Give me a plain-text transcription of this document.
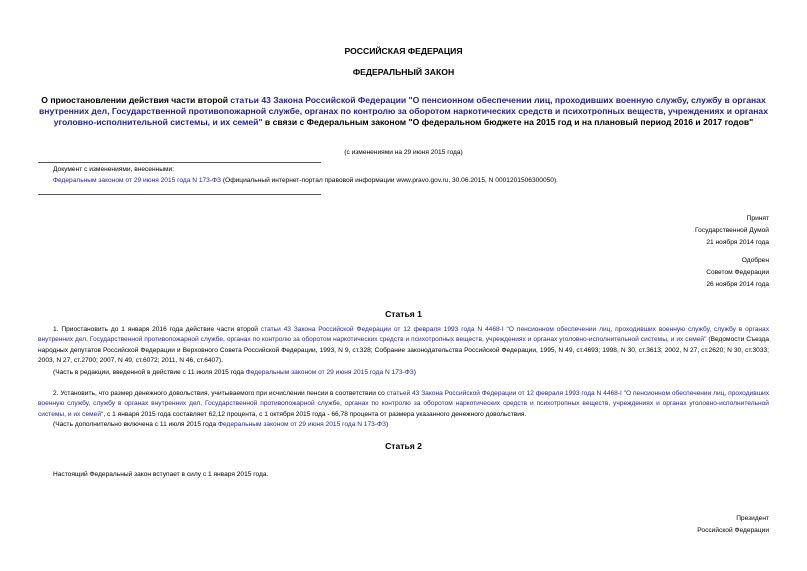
РОССИЙСКАЯ ФЕДЕРАЦИЯ
ФЕДЕРАЛЬНЫЙ ЗАКОН
О приостановлении действия части второй статьи 43 Закона Российской Федерации "О пенсионном обеспечении лиц, проходивших военную службу, службу в органах внутренних дел, Государственной противопожарной службе, органах по контролю за оборотом наркотических средств и психотропных веществ, учреждениях и органах уголовно-исполнительной системы, и их семей" в связи с Федеральным законом "О федеральном бюджете на 2015 год и на плановый период 2016 и 2017 годов"
(с изменениями на 29 июня 2015 года)
Документ с изменениями, внесенными:
Федеральным законом от 29 июня 2015 года N 173-ФЗ (Официальный интернет-портал правовой информации www.pravo.gov.ru, 30.06.2015, N 0001201506300050).
Принят
Государственной Думой
21 ноября 2014 года
Одобрен
Советом Федерации
26 ноября 2014 года
Статья 1
1. Приостановить до 1 января 2016 года действие части второй статьи 43 Закона Российской Федерации от 12 февраля 1993 года N 4468-I "О пенсионном обеспечении лиц, проходивших военную службу, службу в органах внутренних дел, Государственной противопожарной службе, органах по контролю за оборотом наркотических средств и психотропных веществ, учреждениях и органах уголовно-исполнительной системы, и их семей" (Ведомости Съезда народных депутатов Российской Федерации и Верховного Совета Российской Федерации, 1993, N 9, ст.328; Собрание законодательства Российской Федерации, 1995, N 49, ст.4693; 1998, N 30, ст.3613; 2002, N 27, ст.2620; N 30, ст.3033; 2003, N 27, ст.2700; 2007, N 49, ст.6072; 2011, N 46, ст.6407).
(Часть в редакции, введенной в действие с 11 июля 2015 года Федеральным законом от 29 июня 2015 года N 173-ФЗ)
2. Установить, что размер денежного довольствия, учитываемого при исчислении пенсии в соответствии со статьей 43 Закона Российской Федерации от 12 февраля 1993 года N 4468-I "О пенсионном обеспечении лиц, проходивших военную службу, службу в органах внутренних дел, Государственной противопожарной службе, органах по контролю за оборотом наркотических средств и психотропных веществ, учреждениях и органах уголовно-исполнительной системы, и их семей", с 1 января 2015 года составляет 62,12 процента, с 1 октября 2015 года - 66,78 процента от размера указанного денежного довольствия.
(Часть дополнительно включена с 11 июля 2015 года Федеральным законом от 29 июня 2015 года N 173-ФЗ)
Статья 2
Настоящий Федеральный закон вступает в силу с 1 января 2015 года.
Президент
Российской Федерации
